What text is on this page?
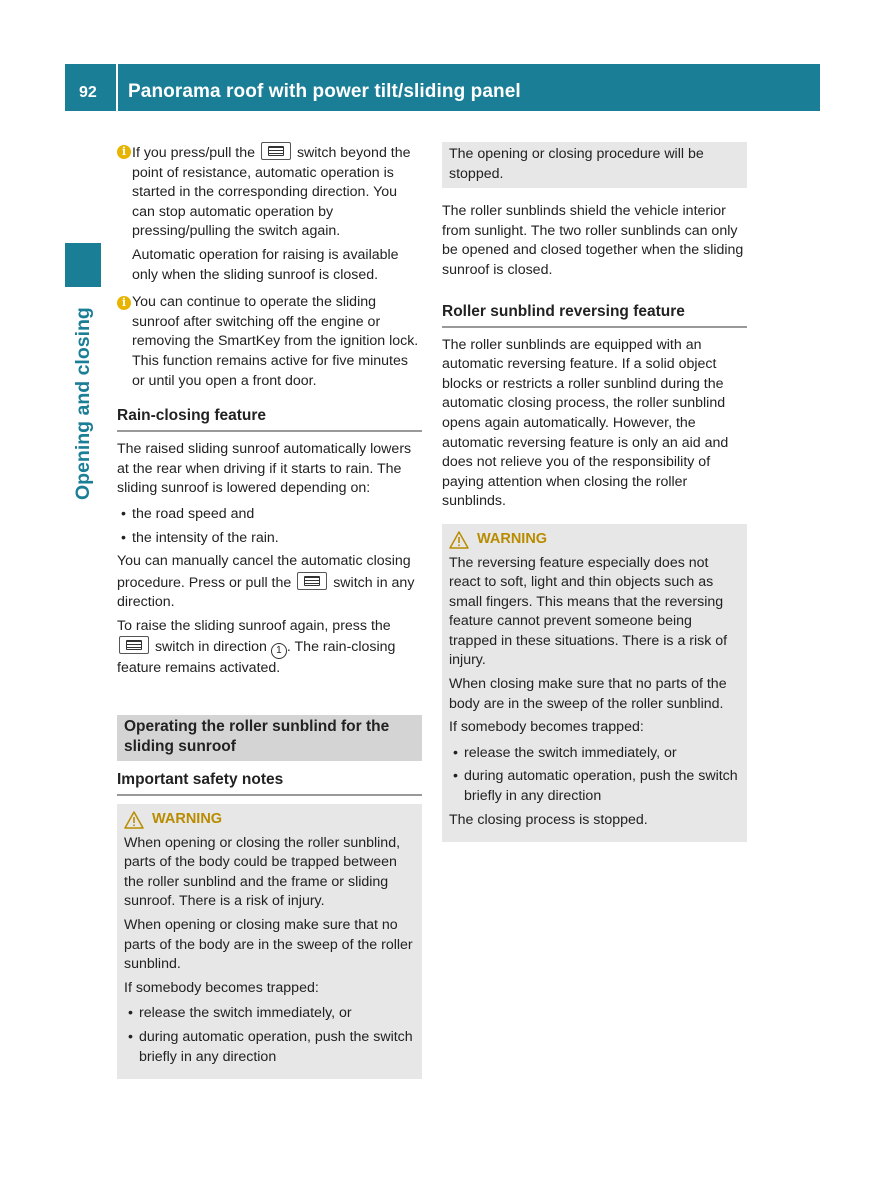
92 Panorama roof with power tilt/sliding panel
Opening and closing
i If you press/pull the	switch beyond the point of resistance, automatic operation is started in the corresponding direction. You can stop automatic operation by pressing/pulling the switch again.
Automatic operation for raising is available only when the sliding sunroof is closed.
i You can continue to operate the sliding sunroof after switching off the engine or removing the SmartKey from the ignition lock. This function remains active for five minutes or until you open a front door.
Rain-closing feature

The raised sliding sunroof automatically lowers at the rear when driving if it starts to rain. The sliding sunroof is lowered depending on:

• the road speed and
• the intensity of the rain.

You can manually cancel the automatic closing procedure. Press or pull the	switch in any direction.

To raise the sliding sunroof again, press the  switch in direction 1 . The rain-closing feature remains activated.

Operating the roller sunblind for the sliding sunroof
Important safety notes
WARNING

When opening or closing the roller sunblind, parts of the body could be trapped between the roller sunblind and the frame or sliding sunroof. There is a risk of injury.

When opening or closing make sure that no parts of the body are in the sweep of the roller sunblind.

If somebody becomes trapped:

• release the switch immediately, or
• during automatic operation, push the switch briefly in any direction
The opening or closing procedure will be stopped.

The roller sunblinds shield the vehicle interior from sunlight. The two roller sunblinds can only be opened and closed together when the sliding sunroof is closed.

Roller sunblind reversing feature

The roller sunblinds are equipped with an automatic reversing feature. If a solid object blocks or restricts a roller sunblind during the automatic closing process, the roller sunblind opens again automatically. However, the automatic reversing feature is only an aid and does not relieve you of the responsibility of paying attention when closing the roller sunblinds.

WARNING

The reversing feature especially does not react to soft, light and thin objects such as small fingers. This means that the reversing feature cannot prevent someone being trapped in these situations. There is a risk of injury.

When closing make sure that no parts of the body are in the sweep of the roller sunblind.

If somebody becomes trapped:

• release the switch immediately, or
• during automatic operation, push the switch briefly in any direction

The closing process is stopped.
